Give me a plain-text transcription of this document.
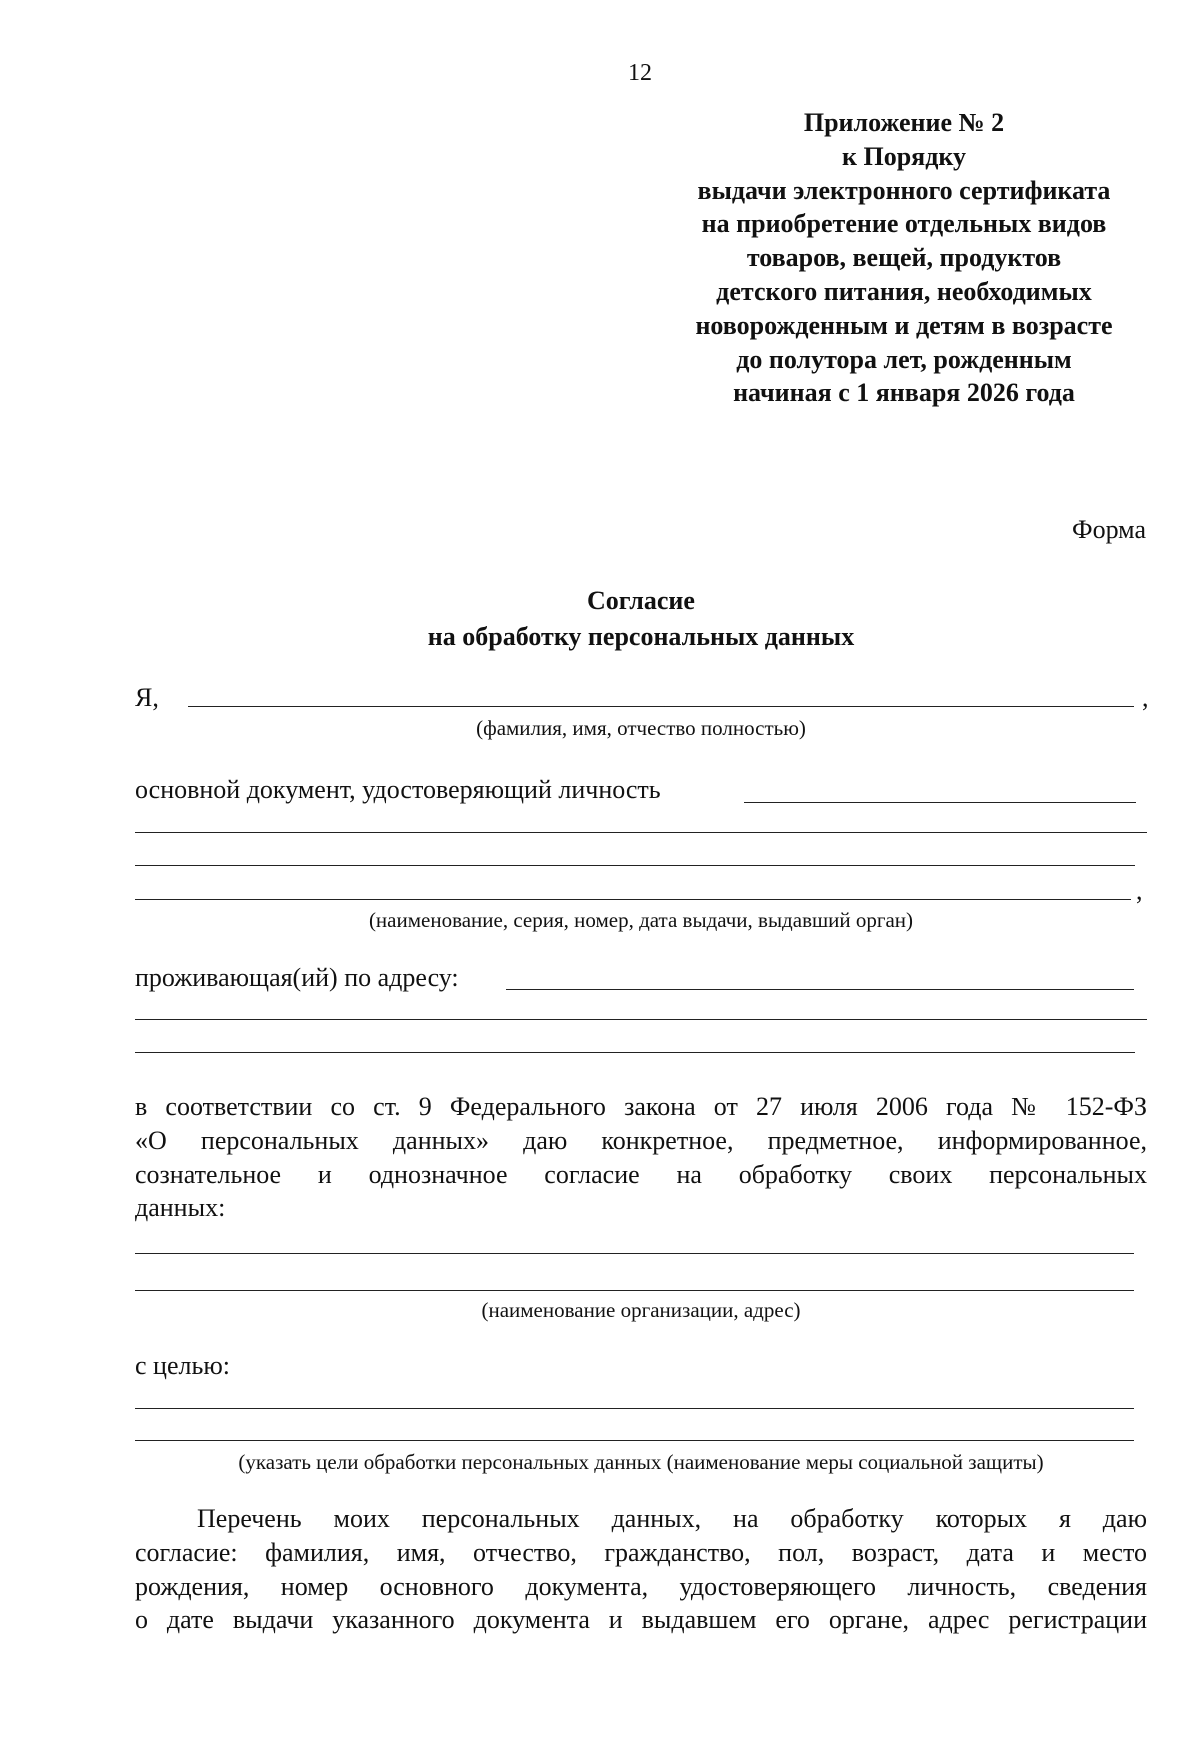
12
Приложение № 2
к Порядку
выдачи электронного сертификата
на приобретение отдельных видов
товаров, вещей, продуктов
детского питания, необходимых
новорожденным и детям в возрасте
до полутора лет, рожденным
начиная с 1 января 2026 года
Форма
Согласие
на обработку персональных данных
Я,	,
(фамилия, имя, отчество полностью)
основной документ, удостоверяющий личность
,
(наименование, серия, номер, дата выдачи, выдавший орган)
проживающая(ий) по адресу:
в соответствии со ст. 9 Федерального закона от 27 июля 2006 года № 152-ФЗ
«О персональных данных» даю конкретное, предметное, информированное,
сознательное и однозначное согласие на обработку своих персональных
данных:
(наименование организации, адрес)
с целью:
(указать цели обработки персональных данных (наименование меры социальной защиты)
Перечень моих персональных данных, на обработку которых я даю
согласие: фамилия, имя, отчество, гражданство, пол, возраст, дата и место
рождения, номер основного документа, удостоверяющего личность, сведения
о дате выдачи указанного документа и выдавшем его органе, адрес регистрации
